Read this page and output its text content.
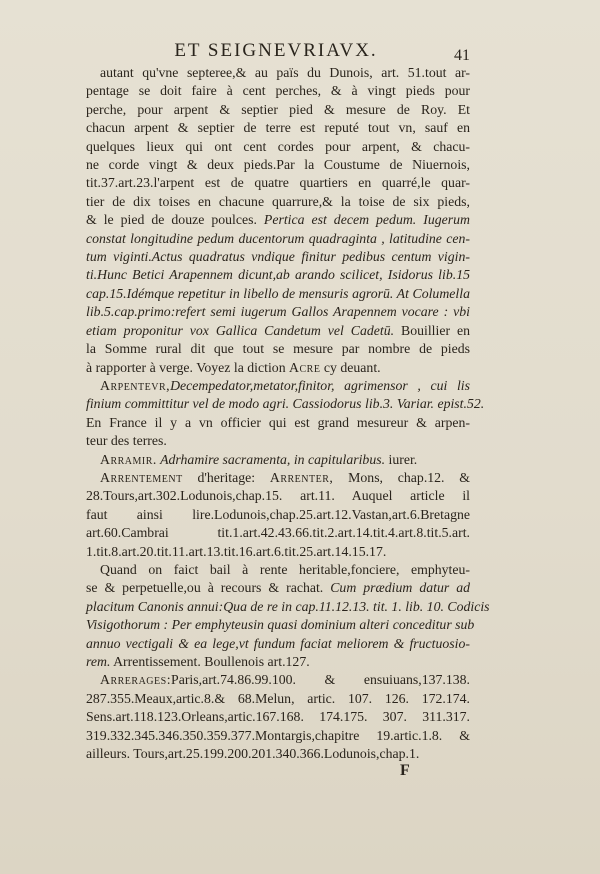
ET SEIGNEVRIAVX.	41
autant qu'vne septeree,& au païs du Dunois, art. 51.tout ar-
pentage se doit faire à cent perches, & à vingt pieds pour
perche, pour arpent & septier pied & mesure de Roy. Et
chacun arpent & septier de terre est reputé tout vn, sauf en
quelques lieux qui ont cent cordes pour arpent, & chacu-
ne corde vingt & deux pieds.Par la Coustume de Niuernois,
tit.37.art.23.l'arpent est de quatre quartiers en quarré,le quar-
tier de dix toises en chacune quarrure,& la toise de six pieds,
& le pied de douze poulces. Pertica est decem pedum. Iugerum
constat longitudine pedum ducentorum quadraginta , latitudine cen-
tum viginti.Actus quadratus vndique finitur pedibus centum vigin-
ti.Hunc Betici Arapennem dicunt,ab arando scilicet, Isidorus lib.15
cap.15.Idémque repetitur in libello de mensuris agrorū. At Columella
lib.5.cap.primo:refert semi iugerum Gallos Arapennem vocare : vbi
etiam proponitur vox Gallica Candetum vel Cadetū. Bouillier en
la Somme rural dit que tout se mesure par nombre de pieds
à rapporter à verge. Voyez la diction Acre cy deuant.
Arpentevr,Decempedator,metator,finitor, agrimensor , cui lis
finium committitur vel de modo agri. Cassiodorus lib.3. Variar. epist.52.
En France il y a vn officier qui est grand mesureur & arpen-
teur des terres.
Arramir. Adrhamire sacramenta, in capitularibus. iurer.
Arrentement d'heritage: Arrenter, Mons, chap.12. &
28.Tours,art.302.Lodunois,chap.15. art.11. Auquel article il
faut ainsi lire.Lodunois,chap.25.art.12.Vastan,art.6.Bretagne
art.60.Cambrai tit.1.art.42.43.66.tit.2.art.14.tit.4.art.8.tit.5.art.
1.tit.8.art.20.tit.11.art.13.tit.16.art.6.tit.25.art.14.15.17.
Quand on faict bail à rente heritable,fonciere, emphyteu-
se & perpetuelle,ou à recours & rachat. Cum prædium datur ad
placitum Canonis annui:Qua de re in cap.11.12.13. tit. 1. lib. 10. Codicis
Visigothorum : Per emphyteusin quasi dominium alteri conceditur sub
annuo vectigali & ea lege,vt fundum faciat meliorem & fructuosio-
rem. Arrentissement. Boullenois art.127.
Arrerages:Paris,art.74.86.99.100. & ensuiuans,137.138.
287.355.Meaux,artic.8.& 68.Melun, artic. 107. 126. 172.174.
Sens.art.118.123.Orleans,artic.167.168. 174.175. 307. 311.317.
319.332.345.346.350.359.377.Montargis,chapitre 19.artic.1.8. &
ailleurs. Tours,art.25.199.200.201.340.366.Lodunois,chap.1.
F
